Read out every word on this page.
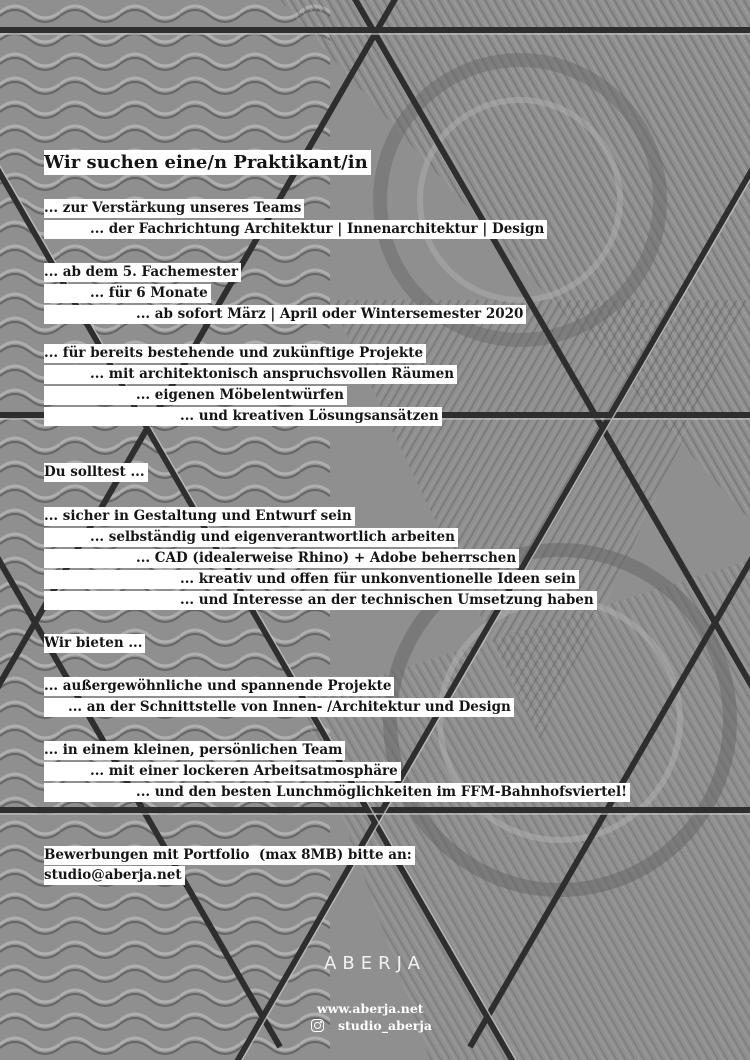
Wir suchen eine/n Praktikant/in
... zur Verstärkung unseres Teams
... der Fachrichtung Architektur | Innenarchitektur | Design
... ab dem 5. Fachemester
... für 6 Monate
... ab sofort März | April oder Wintersemester 2020
... für bereits bestehende und zukünftige Projekte
... mit architektonisch anspruchsvollen Räumen
... eigenen Möbelentwürfen
... und kreativen Lösungsansätzen
Du solltest ...
... sicher in Gestaltung und Entwurf sein
... selbständig und eigenverantwortlich arbeiten
... CAD (idealerweise Rhino) + Adobe beherrschen
... kreativ und offen für unkonventionelle Ideen sein
... und Interesse an der technischen Umsetzung haben
Wir bieten ...
... außergewöhnliche und spannende Projekte
... an der Schnittstelle von Innen- /Architektur und Design
... in einem kleinen, persönlichen Team
... mit einer lockeren Arbeitsatmosphäre
... und den besten Lunchmöglichkeiten im FFM-Bahnhofsviertel!
Bewerbungen mit Portfolio  (max 8MB) bitte an:
studio@aberja.net
ABERJA
www.aberja.net
studio_aberja
